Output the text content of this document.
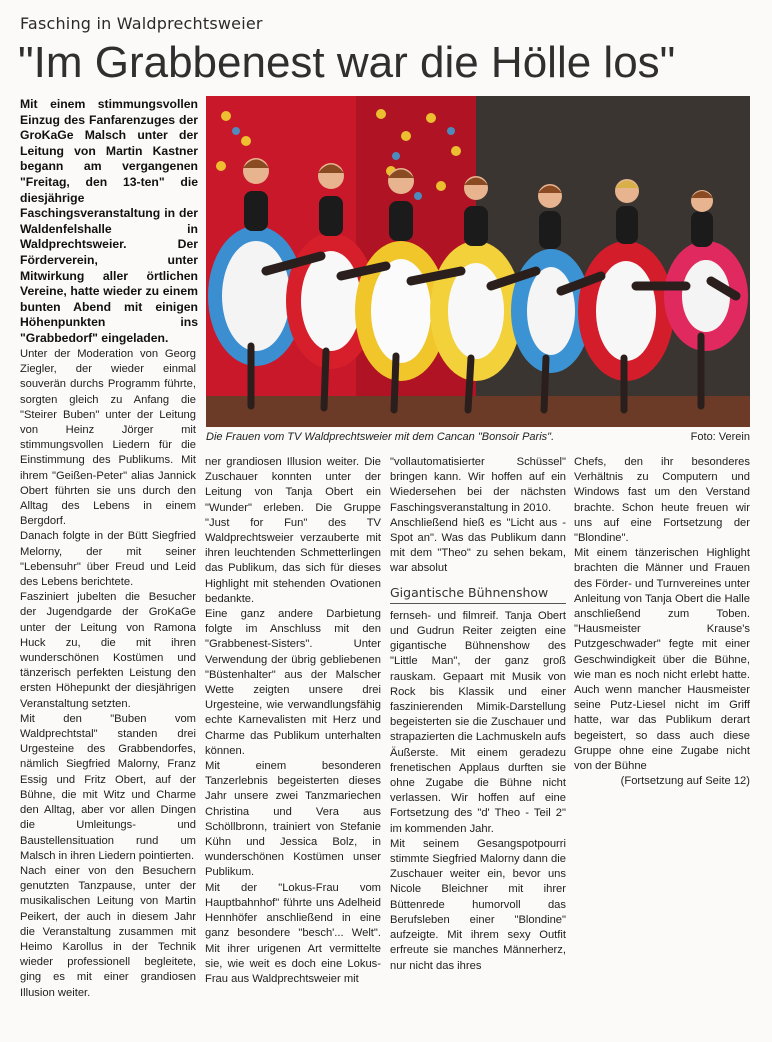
Fasching in Waldprechtsweier
"Im Grabbenest war die Hölle los"
Mit einem stimmungsvollen Einzug des Fanfarenzuges der GroKaGe Malsch unter der Leitung von Martin Kastner begann am vergangenen "Freitag, den 13-ten" die diesjährige Faschingsveranstaltung in der Waldenfelshalle in Waldprechtsweier. Der Förderverein, unter Mitwirkung aller örtlichen Vereine, hatte wieder zu einem bunten Abend mit einigen Höhenpunkten ins "Grabbedorf" eingeladen.
Die Frauen vom TV Waldprechtsweier mit dem Cancan "Bonsoir Paris".	Foto: Verein

Unter der Moderation von Georg Ziegler, der wieder einmal souverän durchs Programm führte, sorgten gleich zu Anfang die "Steirer Buben" unter der Leitung von Heinz Jörger mit stimmungsvollen Liedern für die Einstimmung des Publikums. Mit ihrem "Geißen-Peter" alias Jannick Obert führten sie uns durch den Alltag des Lebens in einem Bergdorf.

Danach folgte in der Bütt Siegfried Melorny, der mit seiner "Lebensuhr" über Freud und Leid des Lebens berichtete.

Fasziniert jubelten die Besucher der Jugendgarde der GroKaGe unter der Leitung von Ramona Huck zu, die mit ihren wunderschönen Kostümen und tänzerisch perfekten Leistung den ersten Höhepunkt der diesjährigen Veranstaltung setzten.

Mit den "Buben vom Waldprechtstal" standen drei Urgesteine des Grabbendorfes, nämlich Siegfried Malorny, Franz Essig und Fritz Obert, auf der Bühne, die mit Witz und Charme den Alltag, aber vor allen Dingen die Umleitungs- und Baustellensituation rund um Malsch in ihren Liedern pointierten.

Nach einer von den Besuchern genutzten Tanzpause, unter der musikalischen Leitung von Martin Peikert, der auch in diesem Jahr die Veranstaltung zusammen mit Heimo Karollus in der Technik wieder professionell begleitete, ging es mit einer grandiosen Illusion weiter.

ner grandiosen Illusion weiter. Die Zuschauer konnten unter der Leitung von Tanja Obert ein "Wunder" erleben. Die Gruppe "Just for Fun" des TV Waldprechtsweier verzauberte mit ihren leuchtenden Schmetterlingen das Publikum, das sich für dieses Highlight mit stehenden Ovationen bedankte.

Eine ganz andere Darbietung folgte im Anschluss mit den "Grabbenest-Sisters". Unter Verwendung der übrig gebliebenen "Büstenhalter" aus der Malscher Wette zeigten unsere drei Urgesteine, wie verwandlungsfähig echte Karnevalisten mit Herz und Charme das Publikum unterhalten können.

Mit einem besonderen Tanzerlebnis begeisterten dieses Jahr unsere zwei Tanzmariechen Christina und Vera aus Schöllbronn, trainiert von Stefanie Kühn und Jessica Bolz, in wunderschönen Kostümen unser Publikum.

Mit der "Lokus-Frau vom Hauptbahnhof" führte uns Adelheid Hennhöfer anschließend in eine ganz besondere "besch'... Welt". Mit ihrer urigenen Art vermittelte sie, wie weit es doch eine Lokus-Frau aus Waldprechtsweier mit

"vollautomatisierter Schüssel" bringen kann. Wir hoffen auf ein Wiedersehen bei der nächsten Faschingsveranstaltung in 2010.

Anschließend hieß es "Licht aus - Spot an". Was das Publikum dann mit dem "Theo" zu sehen bekam, war absolut

Gigantische Bühnenshow

fernseh- und filmreif. Tanja Obert und Gudrun Reiter zeigten eine gigantische Bühnenshow des "Little Man", der ganz groß rauskam. Gepaart mit Musik von Rock bis Klassik und einer faszinierenden Mimik-Darstellung begeisterten sie die Zuschauer und strapazierten die Lachmuskeln aufs Äußerste. Mit einem geradezu frenetischen Applaus durften sie ohne Zugabe die Bühne nicht verlassen. Wir hoffen auf eine Fortsetzung des "d' Theo - Teil 2" im kommenden Jahr.

Mit seinem Gesangspotpourri stimmte Siegfried Malorny dann die Zuschauer weiter ein, bevor uns Nicole Bleichner mit ihrer Büttenrede humorvoll das Berufsleben einer "Blondine" aufzeigte. Mit ihrem sexy Outfit erfreute sie manches Männerherz, nur nicht das ihres

Chefs, den ihr besonderes Verhältnis zu Computern und Windows fast um den Verstand brachte. Schon heute freuen wir uns auf eine Fortsetzung der "Blondine".

Mit einem tänzerischen Highlight brachten die Männer und Frauen des Förder- und Turnvereines unter Anleitung von Tanja Obert die Halle anschließend zum Toben. "Hausmeister Krause's Putzgeschwader" fegte mit einer Geschwindigkeit über die Bühne, wie man es noch nicht erlebt hatte. Auch wenn mancher Hausmeister seine Putz-Liesel nicht im Griff hatte, war das Publikum derart begeistert, so dass auch diese Gruppe ohne eine Zugabe nicht von der Bühne

(Fortsetzung auf Seite 12)
